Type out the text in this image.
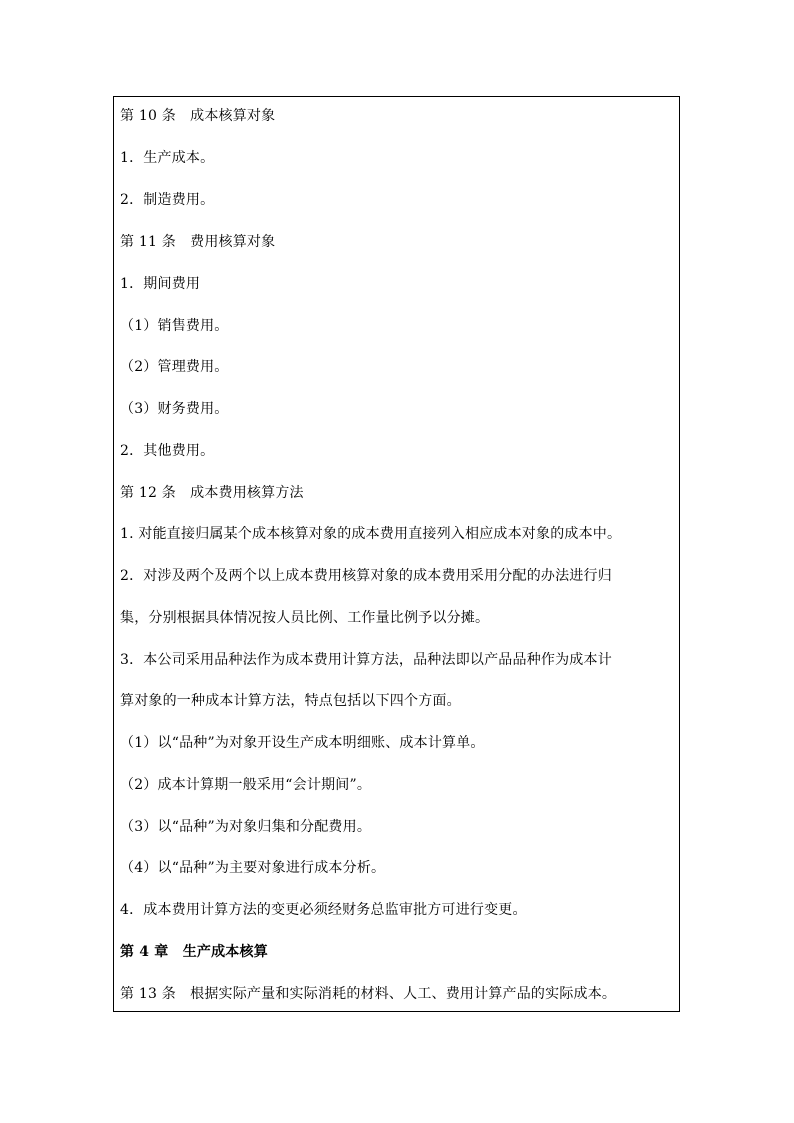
第 10 条　成本核算对象
1．生产成本。
2．制造费用。
第 11 条　费用核算对象
1．期间费用
（1）销售费用。
（2）管理费用。
（3）财务费用。
2．其他费用。
第 12 条　成本费用核算方法
1. 对能直接归属某个成本核算对象的成本费用直接列入相应成本对象的成本中。
2．对涉及两个及两个以上成本费用核算对象的成本费用采用分配的办法进行归
集，分别根据具体情况按人员比例、工作量比例予以分摊。
3．本公司采用品种法作为成本费用计算方法，品种法即以产品品种作为成本计
算对象的一种成本计算方法，特点包括以下四个方面。
（1）以“品种”为对象开设生产成本明细账、成本计算单。
（2）成本计算期一般采用“会计期间”。
（3）以“品种”为对象归集和分配费用。
（4）以“品种”为主要对象进行成本分析。
4．成本费用计算方法的变更必须经财务总监审批方可进行变更。
第 4 章　生产成本核算
第 13 条　根据实际产量和实际消耗的材料、人工、费用计算产品的实际成本。
